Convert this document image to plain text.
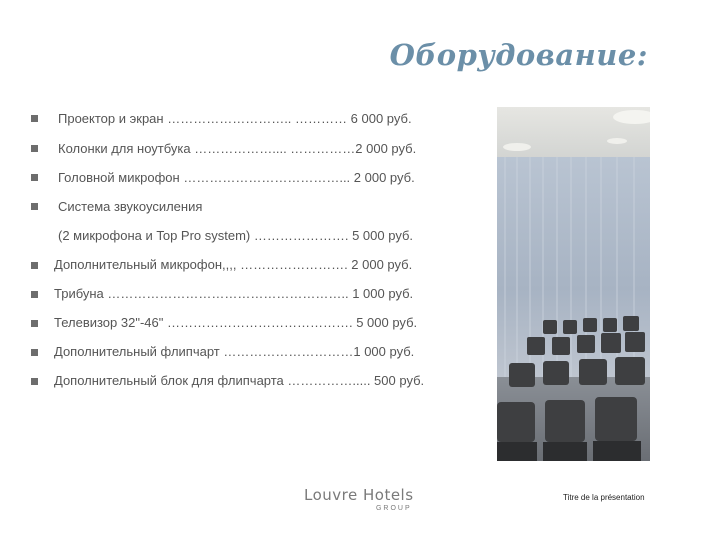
Оборудование:
Проектор и экран ……………………….. ………… 6 000 руб.
Колонки для ноутбука ……………….... ……………2 000 руб.
Головной микрофон ………………………………... 2 000 руб.
Система звукоусиления
(2 микрофона и Top Pro system) …………………. 5 000 руб.
Дополнительный микрофон,,,, ……………………. 2 000 руб.
Трибуна ……………………………………………….. 1 000 руб.
Телевизор 32"-46" ……………………………………. 5 000 руб.
Дополнительный флипчарт …………………………1 000 руб.
Дополнительный блок для флипчарта ……………..... 500 руб.
Louvre Hotels
GROUP
Titre de la présentation
